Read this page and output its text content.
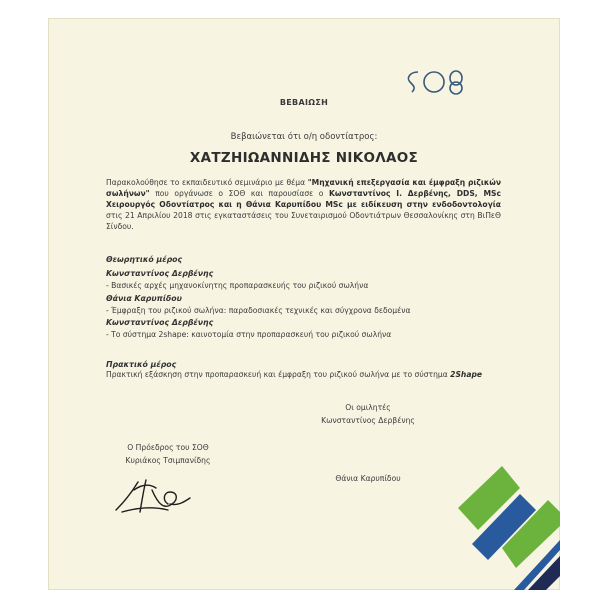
ΒΕΒΑΙΩΣΗ

Βεβαιώνεται ότι ο/η οδοντίατρος:

ΧΑΤΖΗΙΩΑΝΝΙΔΗΣ ΝΙΚΟΛΑΟΣ

Παρακολούθησε το εκπαιδευτικό σεμινάριο με θέμα "Μηχανική επεξεργασία και έμφραξη ριζικών σωλήνων" που οργάνωσε ο ΣΟΘ και παρουσίασε ο Κωνσταντίνος Ι. Δερβένης, DDS, MSc Χειρουργός Οδοντίατρος και η Θάνια Καρυπίδου MSc με ειδίκευση στην ενδοδοντολογία στις 21 Απριλίου 2018 στις εγκαταστάσεις του Συνεταιρισμού Οδοντιάτρων Θεσσαλονίκης στη ΒιΠεΘ Σίνδου.

Θεωρητικό μέρος

Κωνσταντίνος Δερβένης

- Βασικές αρχές μηχανοκίνητης προπαρασκευής του ριζικού σωλήνα

Θάνια Καρυπίδου

- Έμφραξη του ριζικού σωλήνα: παραδοσιακές τεχνικές και σύγχρονα δεδομένα

Κωνσταντίνος Δερβένης

- Το σύστημα 2shape: καινοτομία στην προπαρασκευή του ριζικού σωλήνα

Πρακτικό μέρος

Πρακτική εξάσκηση στην προπαρασκευή και έμφραξη του ριζικού σωλήνα με το σύστημα 2Shape

Οι ομιλητές

Κωνσταντίνος Δερβένης

Ο Πρόεδρος του ΣΟΘ

Κυριάκος Τσιμπανίδης

Θάνια Καρυπίδου
